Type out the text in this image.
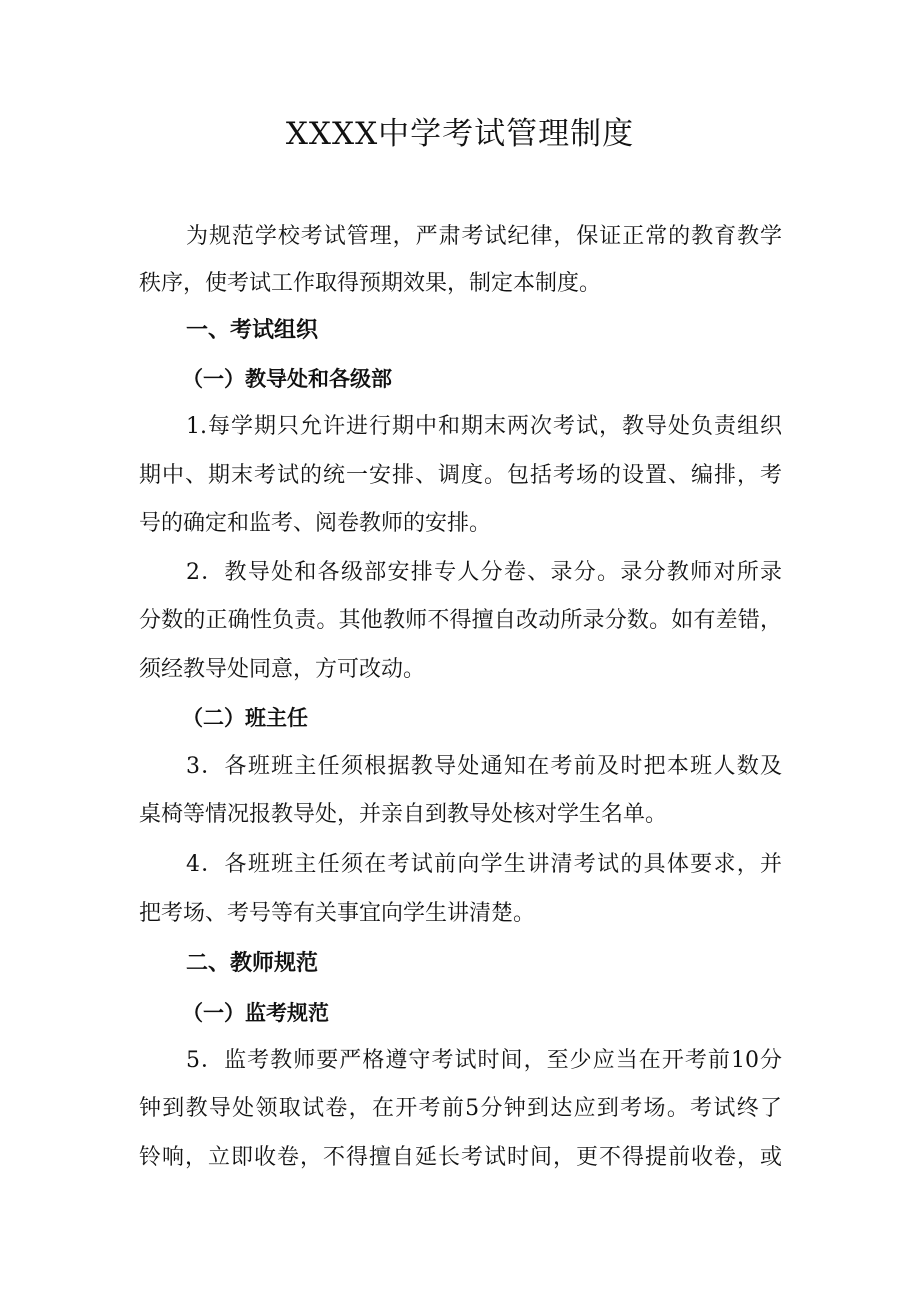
XXXX中学考试管理制度

为规范学校考试管理，严肃考试纪律，保证正常的教育教学

秩序，使考试工作取得预期效果，制定本制度。

一、考试组织

（一）教导处和各级部

1.每学期只允许进行期中和期末两次考试，教导处负责组织

期中、期末考试的统一安排、调度。包括考场的设置、编排，考

号的确定和监考、阅卷教师的安排。

2．教导处和各级部安排专人分卷、录分。录分教师对所录

分数的正确性负责。其他教师不得擅自改动所录分数。如有差错，

须经教导处同意，方可改动。

（二）班主任

3．各班班主任须根据教导处通知在考前及时把本班人数及

桌椅等情况报教导处，并亲自到教导处核对学生名单。

4．各班班主任须在考试前向学生讲清考试的具体要求，并

把考场、考号等有关事宜向学生讲清楚。

二、教师规范

（一）监考规范

5．监考教师要严格遵守考试时间，至少应当在开考前10分

钟到教导处领取试卷，在开考前5分钟到达应到考场。考试终了

铃响，立即收卷，不得擅自延长考试时间，更不得提前收卷，或
